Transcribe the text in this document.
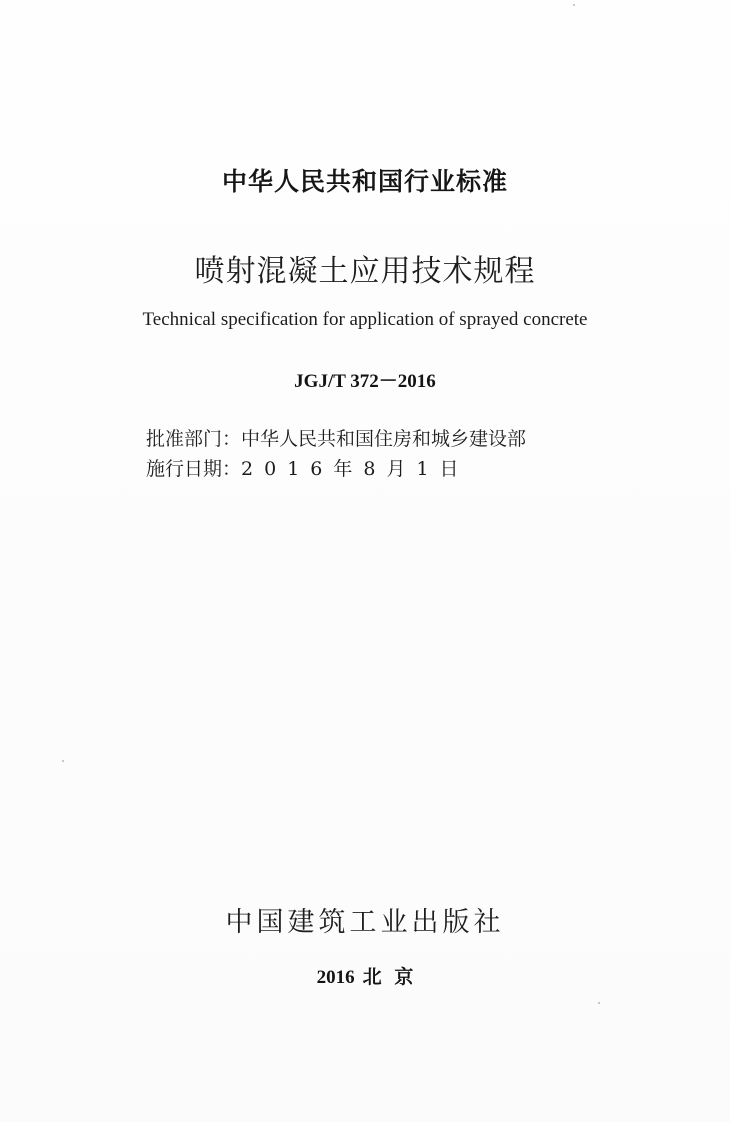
中华人民共和国行业标准
喷射混凝土应用技术规程
Technical specification for application of sprayed concrete
JGJ/T 372－2016
批准部门：中华人民共和国住房和城乡建设部
施行日期：2016年8月1日
中国建筑工业出版社
2016 北 京
